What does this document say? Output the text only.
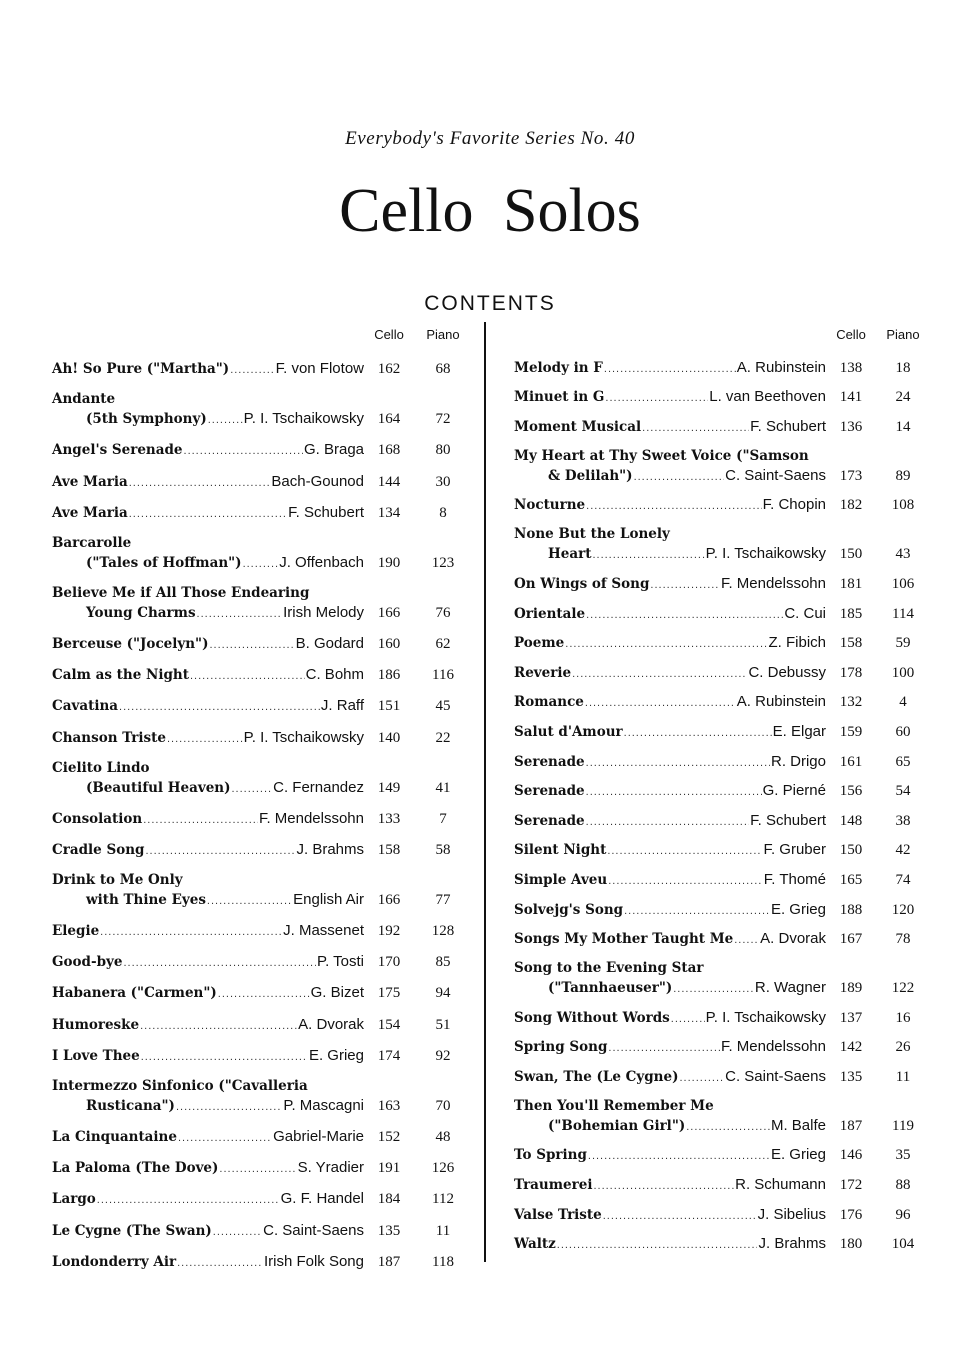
Everybody's Favorite Series No. 40
Cello Solos
CONTENTS
Cello	Piano
Ah! So Pure ("Martha") .....	F. von Flotow 162	68
Andante
(5th Symphony) ..... P. I. Tschaikowsky 164	72
Angel's Serenade .....	G. Braga 168	80
Ave Maria .....	Bach-Gounod 144	30
Ave Maria .....	F. Schubert 134	8
Barcarolle
("Tales of Hoffman") .....	J. Offenbach 190	123
Believe Me if All Those Endearing
Young Charms .....	Irish Melody 166	76
Berceuse ("Jocelyn") .....	B. Godard 160	62
Calm as the Night .....	C. Bohm 186	116
Cavatina .....	J. Raff 151	45
Chanson Triste .....	P. I. Tschaikowsky 140	22
Cielito Lindo
(Beautiful Heaven) .....	C. Fernandez 149	41
Consolation .....	F. Mendelssohn 133	7
Cradle Song .....	J. Brahms 158	58
Drink to Me Only
with Thine Eyes .....	English Air 166	77
Elegie .....	J. Massenet 192	128
Good-bye .....	P. Tosti 170	85
Habanera ("Carmen") .....	G. Bizet 175	94
Humoreske .....	A. Dvorak 154	51
I Love Thee .....	E. Grieg 174	92
Intermezzo Sinfonico ("Cavalleria
Rusticana") .....	P. Mascagni 163	70
La Cinquantaine .....	Gabriel-Marie 152	48
La Paloma (The Dove) .....	S. Yradier 191	126
Largo .....	G. F. Handel 184	112
Le Cygne (The Swan) .....	C. Saint-Saens 135	11
Londonderry Air .....	Irish Folk Song 187	118
Cello	Piano
Melody in F .....	A. Rubinstein 138	18
Minuet in G .....	L. van Beethoven 141	24
Moment Musical .....	F. Schubert 136	14
My Heart at Thy Sweet Voice ("Samson
& Delilah") .....	C. Saint-Saens 173	89
Nocturne .....	F. Chopin 182	108
None But the Lonely
Heart .....	P. I. Tschaikowsky 150	43
On Wings of Song .....	F. Mendelssohn 181	106
Orientale .....	C. Cui 185	114
Poeme .....	Z. Fibich 158	59
Reverie .....	C. Debussy 178	100
Romance .....	A. Rubinstein 132	4
Salut d'Amour .....	E. Elgar 159	60
Serenade .....	R. Drigo 161	65
Serenade .....	G. Pierné 156	54
Serenade .....	F. Schubert 148	38
Silent Night .....	F. Gruber 150	42
Simple Aveu .....	F. Thomé 165	74
Solvejg's Song .....	E. Grieg 188	120
Songs My Mother Taught Me ..... A. Dvorak 167	78
Song to the Evening Star
("Tannhaeuser") .....	R. Wagner 189	122
Song Without Words ..... P. I. Tschaikowsky 137	16
Spring Song .....	F. Mendelssohn 142	26
Swan, The (Le Cygne) .....	C. Saint-Saens 135	11
Then You'll Remember Me
("Bohemian Girl") .....	M. Balfe 187	119
To Spring .....	E. Grieg 146	35
Traumerei .....	R. Schumann 172	88
Valse Triste .....	J. Sibelius 176	96
Waltz .....	J. Brahms 180	104
